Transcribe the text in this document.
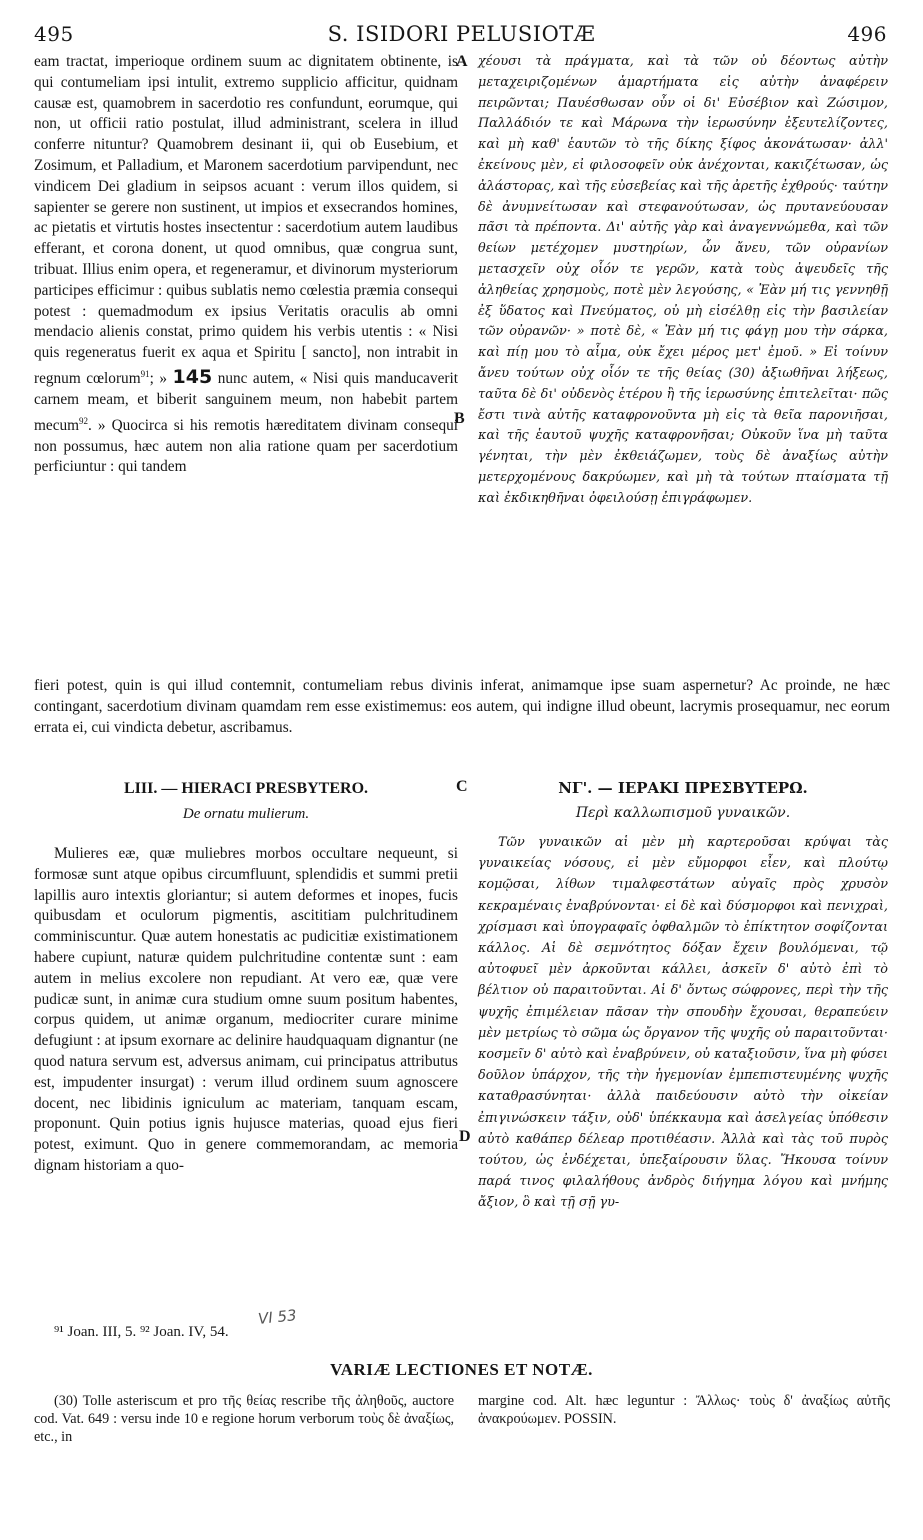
495	S. ISIDORI PELUSIOTÆ	496
eam tractat, imperioque ordinem suum ac dignitatem obtinente, is qui contumeliam ipsi intulit, extremo supplicio afficitur, quidnam causæ est, quamobrem in sacerdotio res confundunt, eorumque, qui non, ut officii ratio postulat, illud administrant, scelera in illud conferre nituntur? Quamobrem desinant ii, qui ob Eusebium, et Zosimum, et Palladium, et Maronem sacerdotium parvipendunt, nec vindicem Dei gladium in seipsos acuant : verum illos quidem, si sapienter se gerere non sustinent, ut impios et exsecrandos homines, ac pietatis et virtutis hostes insectentur : sacerdotium autem laudibus efferant, et corona donent, ut quod omnibus, quæ congrua sunt, tribuat. Illius enim opera, et regeneramur, et divinorum mysteriorum participes efficimur : quibus sublatis nemo cœlestia præmia consequi potest : quemadmodum ex ipsius Veritatis oraculis ab omni mendacio alienis constat, primo quidem his verbis utentis : « Nisi quis regeneratus fuerit ex aqua et Spiritu [ sancto], non intrabit in regnum cœlorum$^{91}$; » 145 nunc autem, « Nisi quis manducaverit carnem meam, et biberit sanguinem meum, non habebit partem mecum$^{92}$. » Quocirca si his remotis hæreditatem divinam consequi non possumus, hæc autem non alia ratione quam per sacerdotium perficiuntur : qui tandem
χέουσι τὰ πράγματα, καὶ τὰ τῶν οὐ δέοντως αὐτὴν μεταχειριζομένων ἁμαρτήματα εἰς αὐτὴν ἀναφέρειν πειρῶνται; Παυέσθωσαν οὖν οἱ δι' Εὐσέβιον καὶ Ζώσιμον, Παλλάδιόν τε καὶ Μάρωνα τὴν ἱερωσύνην ἐξευτελίζοντες, καὶ μὴ καθ' ἑαυτῶν τὸ τῆς δίκης ξίφος ἀκονάτωσαν· ἀλλ' ἐκείνους μὲν, εἰ φιλοσοφεῖν οὐκ ἀνέχονται, κακιζέτωσαν, ὡς ἀλάστορας, καὶ τῆς εὐσεβείας καὶ τῆς ἀρετῆς ἐχθρούς· ταύτην δὲ ἀνυμνείτωσαν καὶ στεφανούτωσαν, ὡς πρυτανεύουσαν πᾶσι τὰ πρέποντα. Δι' αὐτῆς γὰρ καὶ ἀναγεννώμεθα, καὶ τῶν θείων μετέχομεν μυστηρίων, ὧν ἄνευ, τῶν οὐρανίων μετασχεῖν οὐχ οἷόν τε γερῶν, κατὰ τοὺς ἀψευδεῖς τῆς ἀληθείας χρησμοὺς, ποτὲ μὲν λεγούσης, « Ἐὰν μή τις γεννηθῇ ἐξ ὕδατος καὶ Πνεύματος, οὐ μὴ εἰσέλθῃ εἰς τὴν βασιλείαν τῶν οὐρανῶν· » ποτὲ δὲ, « Ἐὰν μή τις φάγῃ μου τὴν σάρκα, καὶ πίῃ μου τὸ αἷμα, οὐκ ἔχει μέρος μετ' ἐμοῦ. » Εἰ τοίνυν ἄνευ τούτων οὐχ οἷόν τε τῆς θείας (30) ἀξιωθῆναι λήξεως, ταῦτα δὲ δι' οὐδενὸς ἑτέρου ἢ τῆς ἱερωσύνης ἐπιτελεῖται· πῶς ἔστι τινὰ αὐτῆς καταφρονοῦντα μὴ εἰς τὰ θεῖα παρονιῆσαι, καὶ τῆς ἑαυτοῦ ψυχῆς καταφρονῆσαι; Οὐκοῦν ἵνα μὴ ταῦτα γένηται, τὴν μὲν ἐκθειάζωμεν, τοὺς δὲ ἀναξίως αὐτὴν μετερχομένους δακρύωμεν, καὶ μὴ τὰ τούτων πταίσματα τῇ καὶ ἐκδικηθῆναι ὀφειλούσῃ ἐπιγράφωμεν.
A
B
C
D
fieri potest, quin is qui illud contemnit, contumeliam rebus divinis inferat, animamque ipse suam aspernetur? Ac proinde, ne hæc contingant, sacerdotium divinam quamdam rem esse existimemus: eos autem, qui indigne illud obeunt, lacrymis prosequamur, nec eorum errata ei, cui vindicta debetur, ascribamus.
LIII. — HIERACI PRESBYTERO.
De ornatu mulierum.
ΝΓ'. — ΙΕΡΑΚΙ ΠΡΕΣΒΥΤΕΡΩ.
Περὶ καλλωπισμοῦ γυναικῶν.
Mulieres eæ, quæ muliebres morbos occultare nequeunt, si formosæ sunt atque opibus circumfluunt, splendidis et summi pretii lapillis auro intextis gloriantur; si autem deformes et inopes, fucis quibusdam et oculorum pigmentis, ascititiam pulchritudinem comminiscuntur. Quæ autem honestatis ac pudicitiæ existimationem habere cupiunt, naturæ quidem pulchritudine contentæ sunt : eam autem in melius excolere non repudiant. At vero eæ, quæ vere pudicæ sunt, in animæ cura studium omne suum positum habentes, corpus quidem, ut animæ organum, mediocriter curare minime defugiunt : at ipsum exornare ac delinire haudquaquam dignantur (ne quod natura servum est, adversus animam, cui principatus attributus est, impudenter insurgat) : verum illud ordinem suum agnoscere docent, nec libidinis igniculum ac materiam, tanquam escam, proponunt. Quin potius ignis hujusce materias, quoad ejus fieri potest, eximunt. Quo in genere commemorandam, ac memoria dignam historiam a quo-
Τῶν γυναικῶν αἱ μὲν μὴ καρτεροῦσαι κρύψαι τὰς γυναικείας νόσους, εἰ μὲν εὔμορφοι εἶεν, καὶ πλούτῳ κομῷσαι, λίθων τιμαλφεστάτων αὐγαῖς πρὸς χρυσὸν κεκραμέναις ἐναβρύνονται· εἰ δὲ καὶ δύσμορφοι καὶ πενιχραὶ, χρίσμασι καὶ ὑπογραφαῖς ὀφθαλμῶν τὸ ἐπίκτητον σοφίζονται κάλλος. Αἱ δὲ σεμνότητος δόξαν ἔχειν βουλόμεναι, τῷ αὐτοφυεῖ μὲν ἀρκοῦνται κάλλει, ἀσκεῖν δ' αὐτὸ ἐπὶ τὸ βέλτιον οὐ παραιτοῦνται. Αἱ δ' ὄντως σώφρονες, περὶ τὴν τῆς ψυχῆς ἐπιμέλειαν πᾶσαν τὴν σπουδὴν ἔχουσαι, θεραπεύειν μὲν μετρίως τὸ σῶμα ὡς ὄργανον τῆς ψυχῆς οὐ παραιτοῦνται· κοσμεῖν δ' αὐτὸ καὶ ἐναβρύνειν, οὐ καταξιοῦσιν, ἵνα μὴ φύσει δοῦλον ὑπάρχον, τῆς τὴν ἡγεμονίαν ἐμπεπιστευμένης ψυχῆς καταθρασύνηται· ἀλλὰ παιδεύουσιν αὐτὸ τὴν οἰκείαν ἐπιγινώσκειν τάξιν, οὐδ' ὑπέκκαυμα καὶ ἀσελγείας ὑπόθεσιν αὐτὸ καθάπερ δέλεαρ προτιθέασιν. Ἀλλὰ καὶ τὰς τοῦ πυρὸς τούτου, ὡς ἐνδέχεται, ὑπεξαίρουσιν ὕλας. Ἤκουσα τοίνυν παρά τινος φιλαλήθους ἀνδρὸς διήγημα λόγου καὶ μνήμης ἄξιον, ὃ καὶ τῇ σῇ γυ-
⁹¹ Joan. III, 5. ⁹² Joan. IV, 54.
VI 53
VARIÆ LECTIONES ET NOTÆ.
(30) Tolle asteriscum et pro τῆς θείας rescribe τῆς ἀληθοῦς, auctore cod. Vat. 649 : versu inde 10 e regione horum verborum τοὺς δὲ ἀναξίως, etc., in
margine cod. Alt. hæc leguntur : Ἄλλως· τοὺς δ' ἀναξίως αὐτῆς ἀνακρούωμεν. POSSIN.
